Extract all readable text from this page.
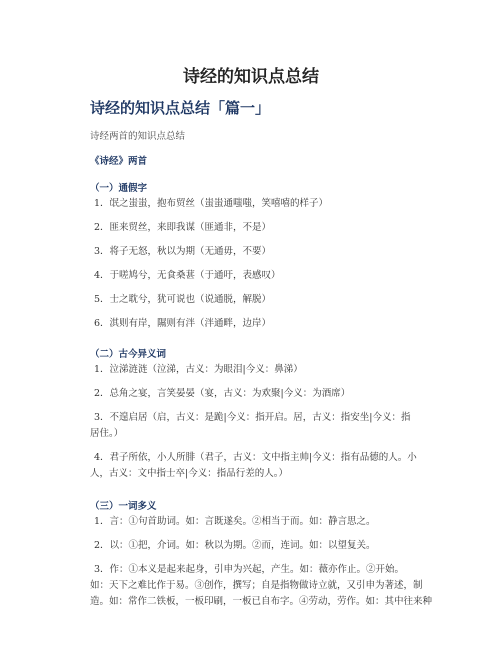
诗经的知识点总结
诗经的知识点总结「篇一」
诗经两首的知识点总结
《诗经》两首
（一）通假字
1．氓之蚩蚩，抱布贸丝（蚩蚩通嗤嗤，笑嘻嘻的样子）
2．匪来贸丝，来即我谋（匪通非，不是）
3．将子无怒，秋以为期（无通毋，不要）
4．于嗟鸠兮，无食桑葚（于通吁，表感叹）
5．士之耽兮，犹可说也（说通脱，解脱）
6．淇则有岸，隰则有泮（泮通畔，边岸）
（二）古今异义词
1．泣涕涟涟（泣涕，古义：为眼泪|今义：鼻涕）
2．总角之宴，言笑晏晏（宴，古义：为欢聚|今义：为酒席）
3．不遑启居（启，古义：是跪|今义：指开启。居，古义：指安坐|今义：指
居住。）
4．君子所依，小人所腓（君子，古义：文中指主帅|今义：指有品德的人。小
人，古义：文中指士卒|今义：指品行差的人。）
（三）一词多义
1．言：①句首助词。如：言既遂矣。②相当于而。如：静言思之。
2．以：①把，介词。如：秋以为期。②而，连词。如：以望复关。
3．作：①本义是起来起身，引申为兴起，产生。如：薇亦作止。②开始。
如：天下之难比作于易。③创作，撰写；自是指物做诗立就，又引申为著述，制
造。如：常作二铁板，一板印刷，一板已自布字。④劳动，劳作。如：其中往来种
